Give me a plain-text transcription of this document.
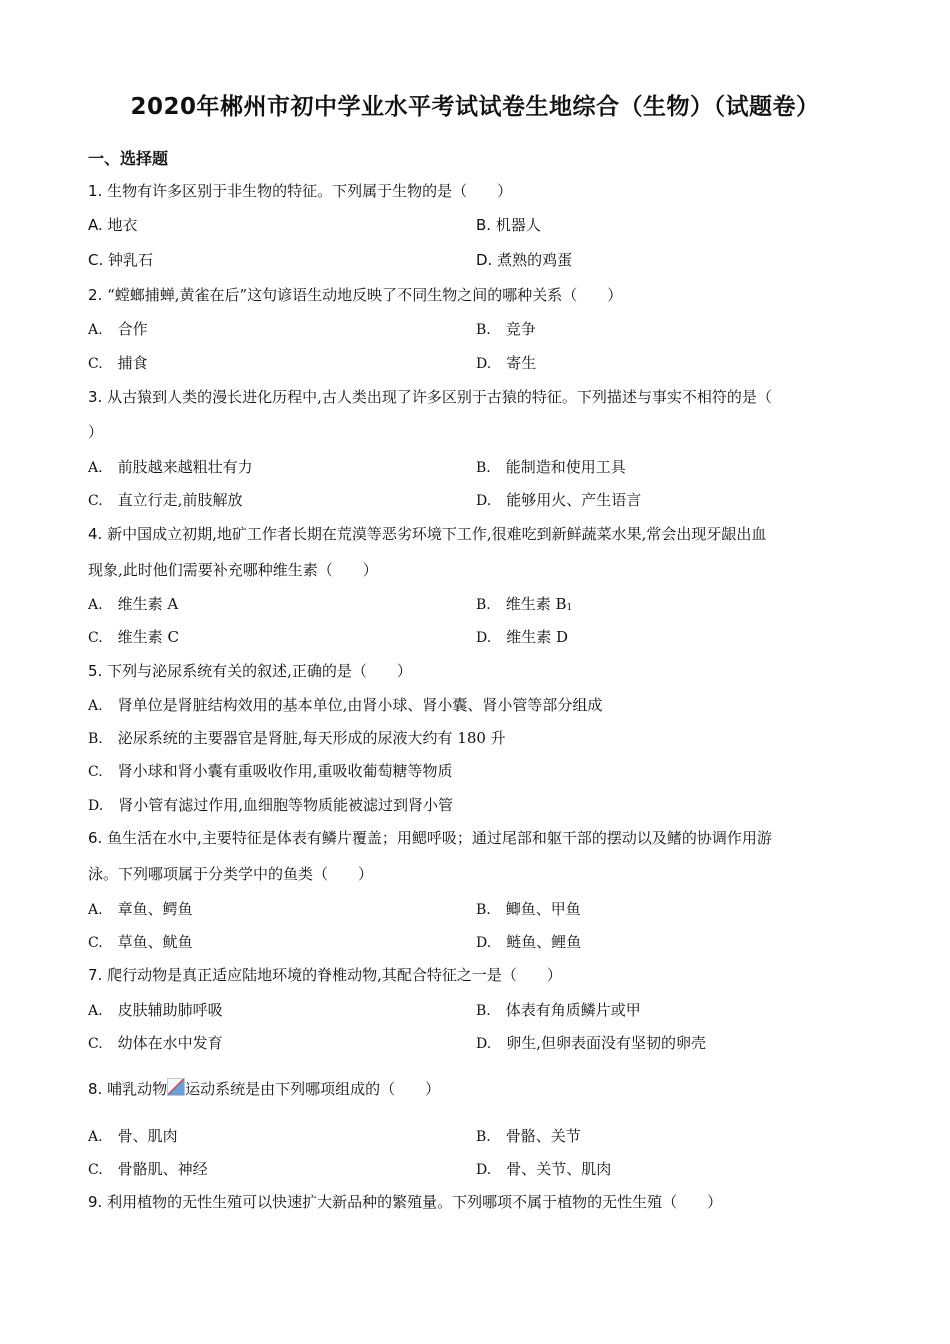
2020年郴州市初中学业水平考试试卷生地综合（生物）（试题卷）
一、选择题
1. 生物有许多区别于非生物的特征。下列属于生物的是（　　）
A. 地衣	B. 机器人
C. 钟乳石	D. 煮熟的鸡蛋
2. “螳螂捕蝉,黄雀在后”这句谚语生动地反映了不同生物之间的哪种关系（　　）
A.　合作	B.　竞争
C.　捕食	D.　寄生
3. 从古猿到人类的漫长进化历程中,古人类出现了许多区别于古猿的特征。下列描述与事实不相符的是（
）
A.　前肢越来越粗壮有力	B.　能制造和使用工具
C.　直立行走,前肢解放	D.　能够用火、产生语言
4. 新中国成立初期,地矿工作者长期在荒漠等恶劣环境下工作,很难吃到新鲜蔬菜水果,常会出现牙龈出血
现象,此时他们需要补充哪种维生素（　　）
A.　维生素 A	B.　维生素 B1
C.　维生素 C	D.　维生素 D
5. 下列与泌尿系统有关的叙述,正确的是（　　）
A.　肾单位是肾脏结构效用的基本单位,由肾小球、肾小囊、肾小管等部分组成
B.　泌尿系统的主要器官是肾脏,每天形成的尿液大约有 180 升
C.　肾小球和肾小囊有重吸收作用,重吸收葡萄糖等物质
D.　肾小管有滤过作用,血细胞等物质能被滤过到肾小管
6. 鱼生活在水中,主要特征是体表有鳞片覆盖；用鳃呼吸；通过尾部和躯干部的摆动以及鳍的协调作用游
泳。下列哪项属于分类学中的鱼类（　　）
A.　章鱼、鳄鱼	B.　鲫鱼、甲鱼
C.　草鱼、鱿鱼	D.　鲢鱼、鲤鱼
7. 爬行动物是真正适应陆地环境的脊椎动物,其配合特征之一是（　　）
A.　皮肤辅助肺呼吸	B.　体表有角质鳞片或甲
C.　幼体在水中发育	D.　卵生,但卵表面没有坚韧的卵壳
8. 哺乳动物 运动系统是由下列哪项组成的（　　）
A.　骨、肌肉	B.　骨骼、关节
C.　骨骼肌、神经	D.　骨、关节、肌肉
9. 利用植物的无性生殖可以快速扩大新品种的繁殖量。下列哪项不属于植物的无性生殖（　　）
